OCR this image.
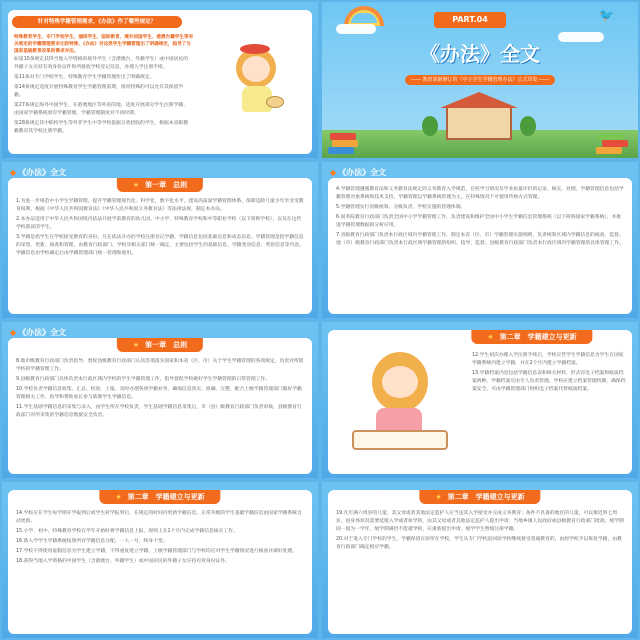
针对特殊学籍管理需求，《办法》作了哪些规定？
特殊教育学生、专门学校学生、插班学生、国际教育、境外回国学生、港澳台籍学生等有关规定的学籍管理要求比较特殊，《办法》对这类学生学籍管理出了明确规定，指导了与国家基础教育改革的需求对应。

如第10条规定获得当地入学资格的境外学生（含港澳台、外籍学生）或中国居民的外籍子女应持有效身份证件和所接收学校登记信息，办理入学注册手续。

第11条对专门学校学生、特殊教育学生学籍管理作出了明确规定。

第14条规定适度开展特殊教育学生学籍管理前期，情况特殊的可以允许其保留学籍。

第27条规定海外中国学生、在港澳地区等外的的地，适度开展部分学生注册学籍、由国家学籍系统原有学籍管理，学籍管理制度对不同时期。

第28条规定其中职校学生等外非学生中等学校依据分类招收的学生，根据本省职教籍教育其学校注册学籍。

🐦
PART.04
《办法》全文
—— 教育部新修订的《中小学生学籍管理办法》正式印发 ——
◆ 《办法》全文
★ 第一章　总则

1.为进一步规范中小学生学籍管理，提升学籍管理现代化、科学化、数字化水平，建设高质量学籍管理体系，保障适龄儿童少年享受受教育权利，根据《中华人民共和国教育法》《中华人民共和国义务教育法》等法律法规，制定本办法。

2.本办法适用于中华人民共和国境内依法开展学前教育的幼儿园、中小学、特殊教育学校和中等职业学校（以下简称学校），以及在这些学校就读的学生。

3.学籍是指学生在学校接受教育的身份。凡在依法开办的学校注册登记学籍，学籍信息包括基础信息和动态信息。学籍管理是指学籍信息的采集、更新、核查和管理，由教育行政部门、学校及相关部门统一确定，主要包括学生的基础信息、学籍变动信息、奖惩信息等内容。学籍信息由学校确定后由学籍管理部门统一管理和使用。

◆ 《办法》全文

4.学籍管理遵循教育法和义务教育法规定的义务教育入学规范，在校学习情况及学业质量评价的记录、核实、处理。学籍管理信息包括学籍管理对象系统和技术支持，学籍管理以学籍系统管理为主。在特殊情况下可使用传统方式管理。

5.学籍管理实行省级统筹、分级负责、学校实施的管理体制。

6.国务院教育行政部门负责全国中小学学籍管理工作，负责建设和维护全国中小学生学籍信息管理系统（以下简称国家学籍系统），并推进学籍管理数据的分析应用。

7.省级教育行政部门负责本行政区域内学籍管理工作，制定本省（区、市）学籍管理实施细则，负责统筹区域内学籍信息的核查、监督。地（市）级教育行政部门负责本行政区域学籍管理的组织、指导、监督。县级教育行政部门负责本行政区域内学籍管理的具体管理工作。

◆ 《办法》全文
★ 第一章　总则

8.地市级教育行政部门负责指导、督促县级教育行政部门认真贯彻落实国家和本省（区、市）关于学生学籍管理的各项规定，负责对所辖学校的学籍管理工作。

9.县级教育行政部门具体负责本行政区域内学校的学生学籍管理工作，指导督促学校做好学生学籍管理的日常管理工作。

10.学校负责学籍信息收集、汇总、校验、上报，及时办理各项学籍业务，确保信息真实、准确、完整，配合上级学籍管理部门做好学籍管理相关工作，指导和帮助家长参与新教学生学籍信息。

11.学生基础学籍信息的采集与录入，由学生所在学校负责，学生基础学籍信息采集后，市（县）级教育行政部门负责审核，县级教育行政部门对所采集的学籍信息数据安全负责。

★ 第二章　学籍建立与更新

12.学生初次办理入学注册手续后，学校应凭学生学籍信息为学生在国家学籍系统内建立学籍，并在2个月内建立学籍档案。

13.学籍档案内容包括学籍信息表和相关材料，形式有电子档案和纸质档案两种。学籍档案应由专人负责管理，学校应建立档案管理机制，确保档案安全，可由学籍管理部门组织电子档案代替纸质档案。

★ 第二章　学籍建立与更新

14.学校应在学生每学期开学报到后或学生转学报到后，在规定的时间内更新学籍信息，正常升级的学生基础学籍信息由国家学籍系统自动更新。

15.小学、初中、特殊教育学校在学年开始时将学籍信息上报，原则上在1个月内完成学籍信息核实工作。

16.新入学学生学籍系统按照所有学籍信息分配，一人一号，终身不变。

17.学校不得使用虚假信息为学生建立学籍，不得重复建立学籍，上级学籍管理部门与学校均应对学生学籍情况进行核查并做好处理。

18.获得当地入学资格的中国学生（含港澳台、外籍学生）或中国居民的外籍子女应持有效身份证件。

★ 第二章　学籍建立与更新

19.凡年满六周岁的儿童，其父母或者其他法定监护人应当送其入学接受并完成义务教育；条件不具备的地区的儿童，可以推迟到七周岁。因身体状况需要延缓入学或者休学的，由其父母或者其他法定监护人提出申请，当地乡镇人民政府或县级教育行政部门批准。缓学期间一般为一学年，缓学期满仍不能就学的，应重新提出申请。缓学学生暂缓注册学籍。

20.对于进入专门学校的学生，学籍保留在原所在学校，学生从专门学校返回原学校继续接受普通教育的，由原学校予以恢复学籍，由教育行政部门确定相应学籍。
